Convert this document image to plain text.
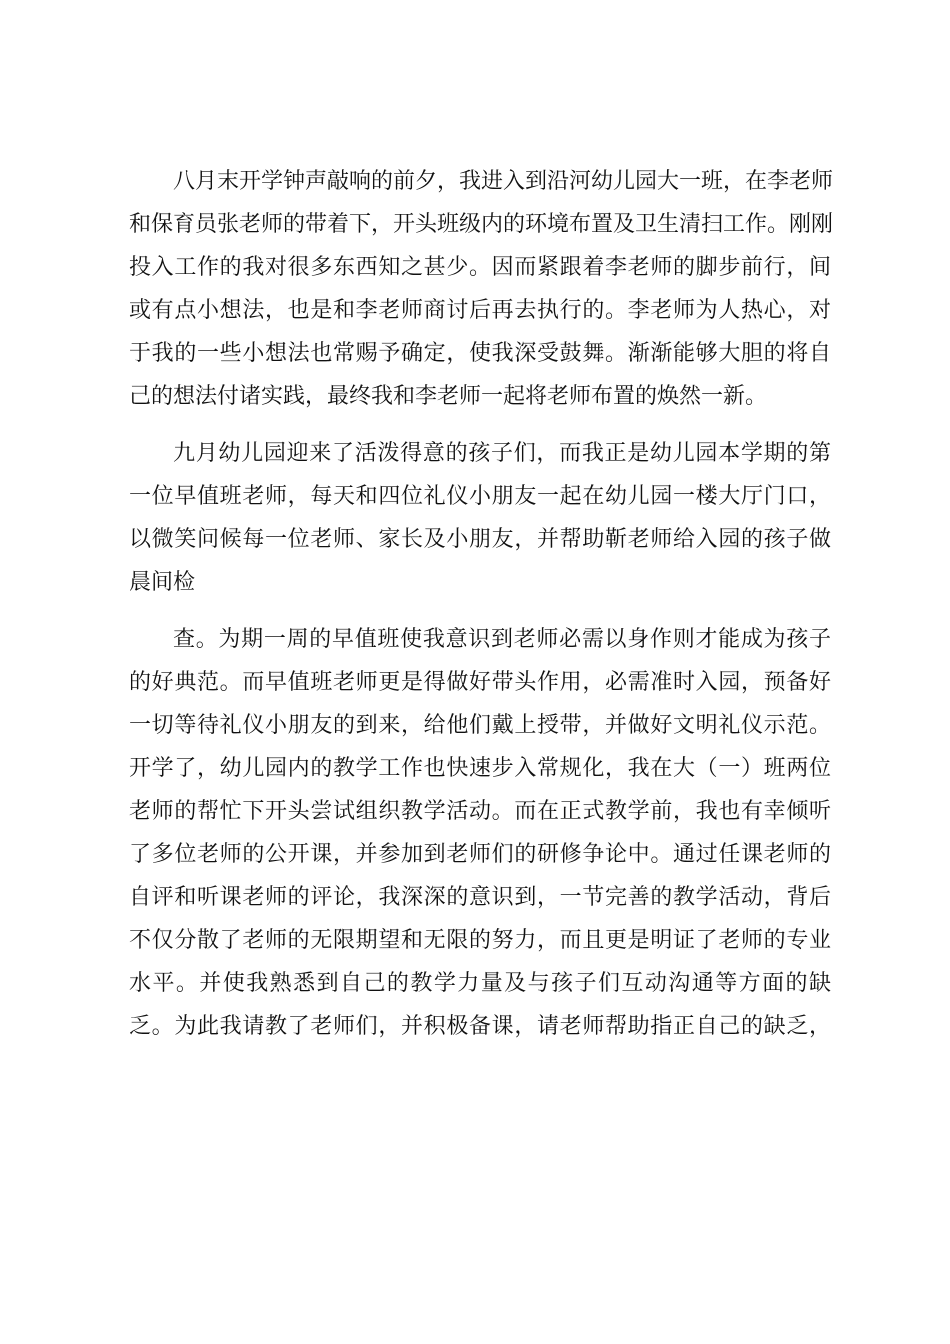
八月末开学钟声敲响的前夕，我进入到沿河幼儿园大一班，在李老师
和保育员张老师的带着下，开头班级内的环境布置及卫生清扫工作。刚刚
投入工作的我对很多东西知之甚少。因而紧跟着李老师的脚步前行，间
或有点小想法，也是和李老师商讨后再去执行的。李老师为人热心，对
于我的一些小想法也常赐予确定，使我深受鼓舞。渐渐能够大胆的将自
己的想法付诸实践，最终我和李老师一起将老师布置的焕然一新。
九月幼儿园迎来了活泼得意的孩子们，而我正是幼儿园本学期的第
一位早值班老师，每天和四位礼仪小朋友一起在幼儿园一楼大厅门口，
以微笑问候每一位老师、家长及小朋友，并帮助靳老师给入园的孩子做
晨间检
查。为期一周的早值班使我意识到老师必需以身作则才能成为孩子
的好典范。而早值班老师更是得做好带头作用，必需准时入园，预备好
一切等待礼仪小朋友的到来，给他们戴上授带，并做好文明礼仪示范。
开学了，幼儿园内的教学工作也快速步入常规化，我在大（一）班两位
老师的帮忙下开头尝试组织教学活动。而在正式教学前，我也有幸倾听
了多位老师的公开课，并参加到老师们的研修争论中。通过任课老师的
自评和听课老师的评论，我深深的意识到，一节完善的教学活动，背后
不仅分散了老师的无限期望和无限的努力，而且更是明证了老师的专业
水平。并使我熟悉到自己的教学力量及与孩子们互动沟通等方面的缺
乏。为此我请教了老师们，并积极备课，请老师帮助指正自己的缺乏，
